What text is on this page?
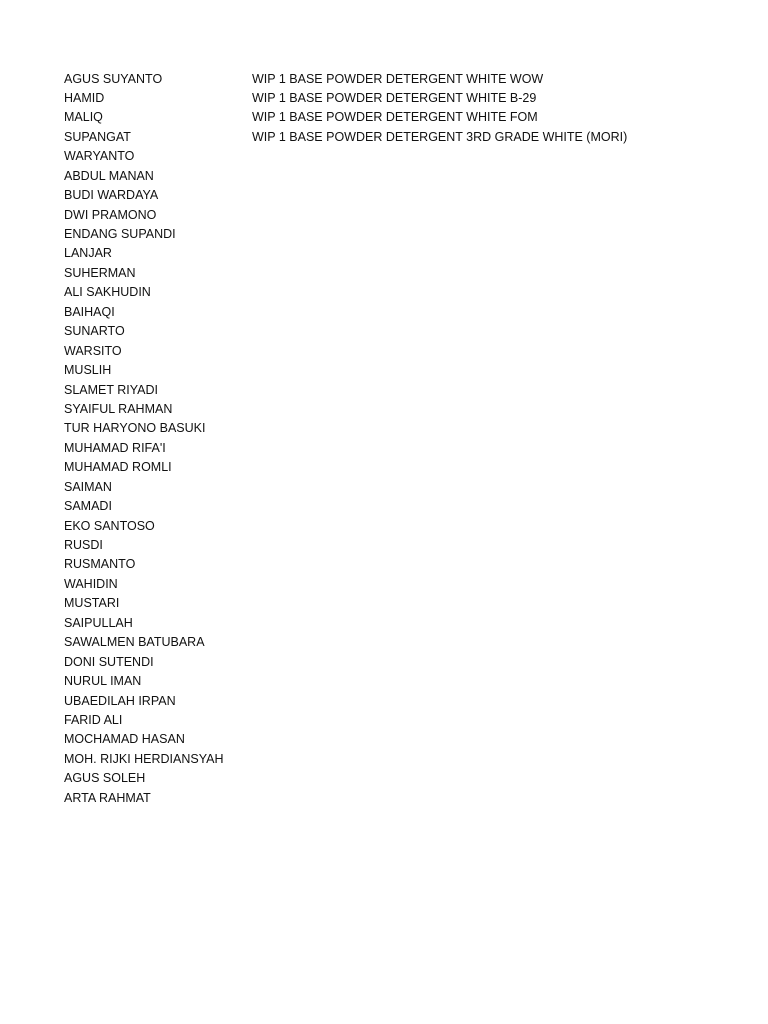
AGUS SUYANTO
HAMID
MALIQ
SUPANGAT
WARYANTO
ABDUL MANAN
BUDI WARDAYA
DWI PRAMONO
ENDANG SUPANDI
LANJAR
SUHERMAN
ALI SAKHUDIN
BAIHAQI
SUNARTO
WARSITO
MUSLIH
SLAMET RIYADI
SYAIFUL RAHMAN
TUR HARYONO BASUKI
MUHAMAD RIFA'I
MUHAMAD ROMLI
SAIMAN
SAMADI
EKO SANTOSO
RUSDI
RUSMANTO
WAHIDIN
MUSTARI
SAIPULLAH
SAWALMEN BATUBARA
DONI SUTENDI
NURUL IMAN
UBAEDILAH IRPAN
FARID ALI
MOCHAMAD HASAN
MOH. RIJKI HERDIANSYAH
AGUS SOLEH
ARTA RAHMAT
WIP 1 BASE POWDER DETERGENT WHITE WOW
WIP 1 BASE POWDER DETERGENT WHITE B-29
WIP 1 BASE POWDER DETERGENT WHITE FOM
WIP 1 BASE POWDER DETERGENT 3RD GRADE WHITE (MORI)
